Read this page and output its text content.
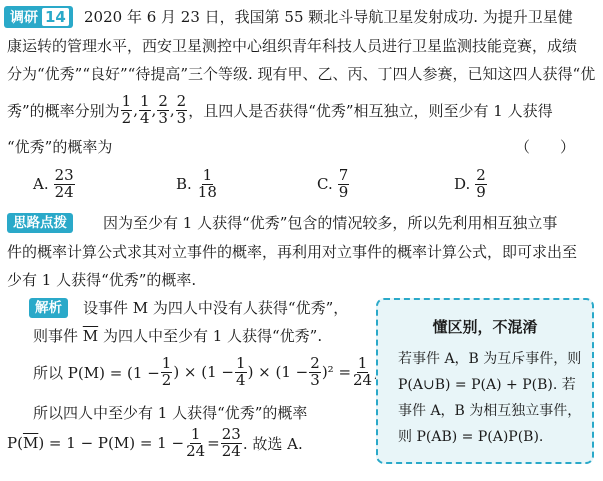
调研 14	2020 年 6 月 23 日，我国第 55 颗北斗导航卫星发射成功. 为提升卫星健
康运转的管理水平，西安卫星测控中心组织青年科技人员进行卫星监测技能竞赛，成绩
分为“优秀”“良好”“待提高”三个等级. 现有甲、乙、丙、丁四人参赛，已知这四人获得“优
秀”的概率分别为 $\frac{1}{2}$ , $\frac{1}{4}$ , $\frac{2}{3}$ , $\frac{2}{3}$ ，且四人是否获得“优秀”相互独立，则至少有 1 人获得
“优秀”的概率为	（　　）
A. $\frac{23}{24}$	B. $\frac{1}{18}$	C. $\frac{7}{9}$	D. $\frac{2}{9}$
思路点拨	因为至少有 1 人获得“优秀”包含的情况较多，所以先利用相互独立事
件的概率计算公式求其对立事件的概率，再利用对立事件的概率计算公式，即可求出至
少有 1 人获得“优秀”的概率.
解析	设事件 M 为四人中没有人获得“优秀”，
则事件 $\overline{M}$ 为四人中至少有 1 人获得“优秀”.
所以 $P(M) = (1 - \frac{1}{2}$ ) × ($1 - \frac{1}{4}$ ) × $(1 - \frac{2}{3} )^2 = \frac{1}{24}$
所以四人中至少有 1 人获得“优秀”的概率
P( $\overline{M}$ ) = $1 - P(M) = 1 - \frac{1}{24} = \frac{23}{24}$ . 故选 A.
懂区别，不混淆
若事件 A，B 为互斥事件，则
P(A∪B) = P(A) + P(B). 若
事件 A，B 为相互独立事件，
则 P(AB) = P(A)P(B).
